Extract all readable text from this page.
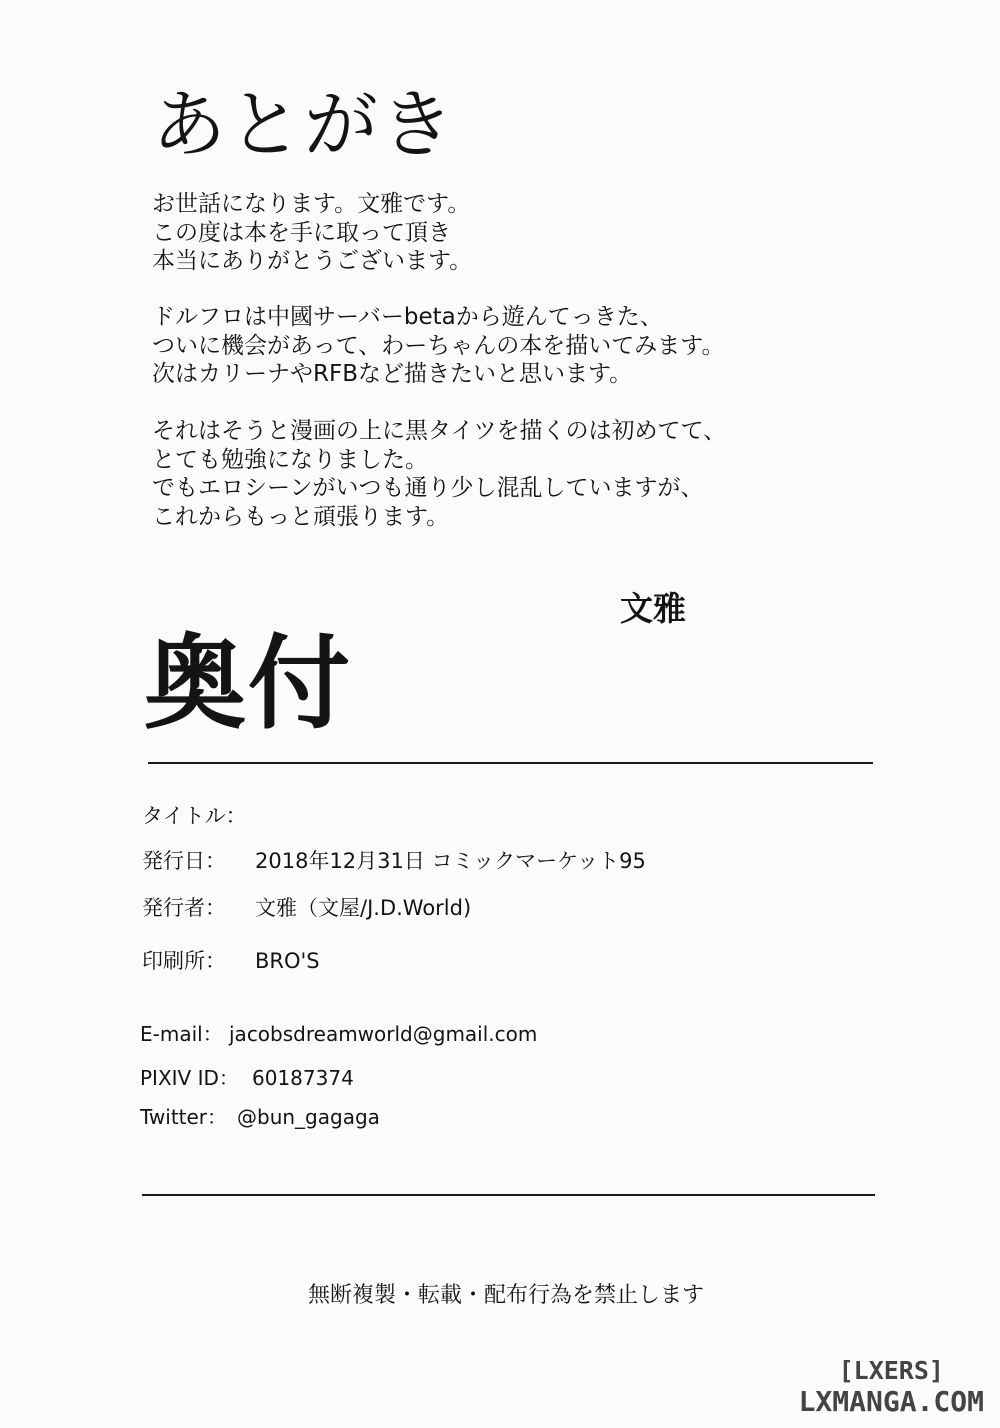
あとがき
お世話になります。文雅です。
この度は本を手に取って頂き
本当にありがとうございます。
ドルフロは中國サーバーbetaから遊んてっきた、
ついに機会があって、わーちゃんの本を描いてみます。
次はカリーナやRFBなど描きたいと思います。
それはそうと漫画の上に黒タイツを描くのは初めてて、
とても勉強になりました。
でもエロシーンがいつも通り少し混乱していますが、
これからもっと頑張ります。
文雅
奥付
タイトル：
発行日： 2018年12月31日 コミックマーケット95
発行者： 文雅（文屋/J.D.World)
印刷所： BRO'S
E-mail： jacobsdreamworld@gmail.com
PIXIV ID： 60187374
Twitter： @bun_gagaga
無断複製・転載・配布行為を禁止します
[LXERS]
LXMANGA.COM
